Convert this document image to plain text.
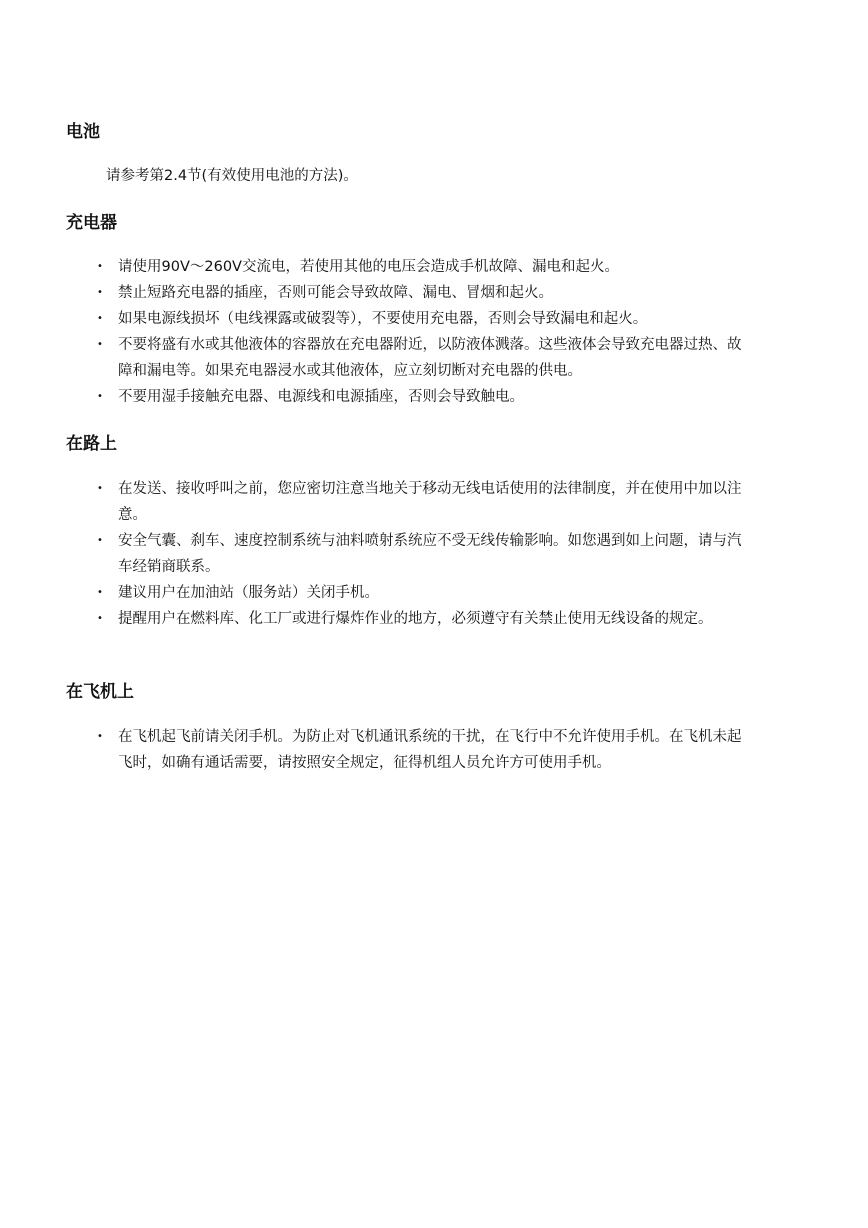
电池

请参考第2.4节(有效使用电池的方法)。

充电器
• 请使用90V～260V交流电，若使用其他的电压会造成手机故障、漏电和起火。
• 禁止短路充电器的插座，否则可能会导致故障、漏电、冒烟和起火。
• 如果电源线损坏（电线裸露或破裂等），不要使用充电器，否则会导致漏电和起火。
• 不要将盛有水或其他液体的容器放在充电器附近，以防液体溅落。这些液体会导致充电器过热、故障和漏电等。如果充电器浸水或其他液体，应立刻切断对充电器的供电。
• 不要用湿手接触充电器、电源线和电源插座，否则会导致触电。
在路上
• 在发送、接收呼叫之前，您应密切注意当地关于移动无线电话使用的法律制度，并在使用中加以注意。
• 安全气囊、刹车、速度控制系统与油料喷射系统应不受无线传输影响。如您遇到如上问题，请与汽车经销商联系。
• 建议用户在加油站（服务站）关闭手机。
• 提醒用户在燃料库、化工厂或进行爆炸作业的地方，必须遵守有关禁止使用无线设备的规定。
在飞机上
• 在飞机起飞前请关闭手机。为防止对飞机通讯系统的干扰，在飞行中不允许使用手机。在飞机未起飞时，如确有通话需要，请按照安全规定，征得机组人员允许方可使用手机。
